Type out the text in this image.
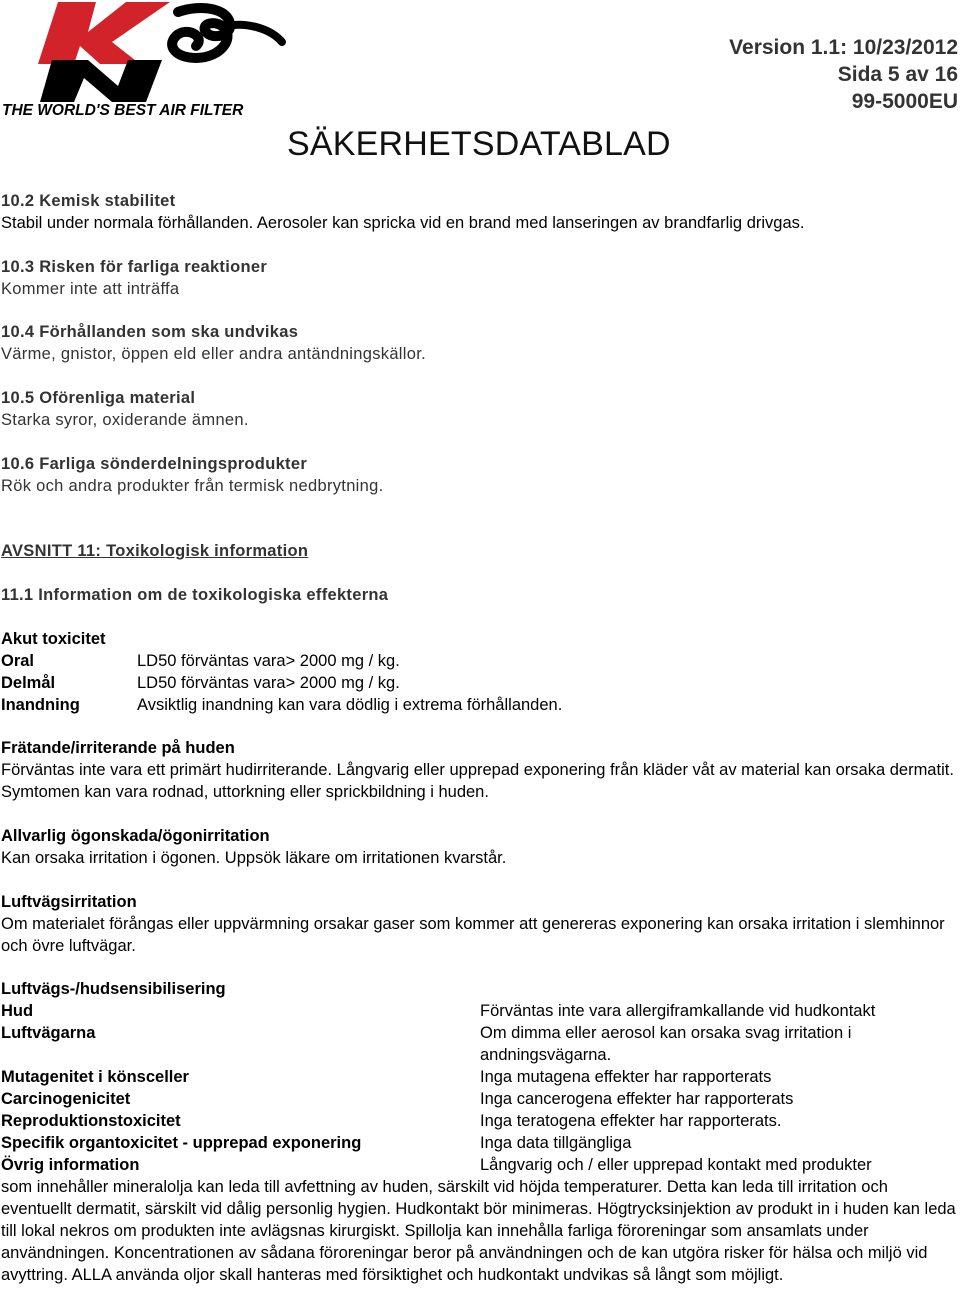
THE WORLD'S BEST AIR FILTER
Version 1.1: 10/23/2012
Sida 5 av 16
99-5000EU
SÄKERHETSDATABLAD
10.2 Kemisk stabilitet

Stabil under normala förhållanden. Aerosoler kan spricka vid en brand med lanseringen av brandfarlig drivgas.

10.3 Risken för farliga reaktioner

Kommer inte att inträffa

10.4 Förhållanden som ska undvikas

Värme, gnistor, öppen eld eller andra antändningskällor.

10.5 Oförenliga material

Starka syror, oxiderande ämnen.

10.6 Farliga sönderdelningsprodukter

Rök och andra produkter från termisk nedbrytning.

AVSNITT 11: Toxikologisk information
11.1 Information om de toxikologiska effekterna
Akut toxicitet
Oral	LD50 förväntas vara> 2000 mg / kg.
Delmål	LD50 förväntas vara> 2000 mg / kg.
Inandning	Avsiktlig inandning kan vara dödlig i extrema förhållanden.
Frätande/irriterande på huden

Förväntas inte vara ett primärt hudirriterande. Långvarig eller upprepad exponering från kläder våt av material kan orsaka dermatit. Symtomen kan vara rodnad, uttorkning eller sprickbildning i huden.

Allvarlig ögonskada/ögonirritation

Kan orsaka irritation i ögonen. Uppsök läkare om irritationen kvarstår.

Luftvägsirritation

Om materialet förångas eller uppvärmning orsakar gaser som kommer att genereras exponering kan orsaka irritation i slemhinnor och övre luftvägar.

Luftvägs-/hudsensibilisering
Hud	Förväntas inte vara allergiframkallande vid hudkontakt
Luftvägarna	Om dimma eller aerosol kan orsaka svag irritation i andningsvägarna.
Mutagenitet i könsceller	Inga mutagena effekter har rapporterats
Carcinogenicitet	Inga cancerogena effekter har rapporterats
Reproduktionstoxicitet	Inga teratogena effekter har rapporterats.
Specifik organtoxicitet - upprepad exponering	Inga data tillgängliga
Övrig information	Långvarig och / eller upprepad kontakt med produkter

som innehåller mineralolja kan leda till avfettning av huden, särskilt vid höjda temperaturer. Detta kan leda till irritation och eventuellt dermatit, särskilt vid dålig personlig hygien. Hudkontakt bör minimeras. Högtrycksinjektion av produkt in i huden kan leda till lokal nekros om produkten inte avlägsnas kirurgiskt. Spillolja kan innehålla farliga föroreningar som ansamlats under användningen. Koncentrationen av sådana föroreningar beror på användningen och de kan utgöra risker för hälsa och miljö vid avyttring. ALLA använda oljor skall hanteras med försiktighet och hudkontakt undvikas så långt som möjligt.
